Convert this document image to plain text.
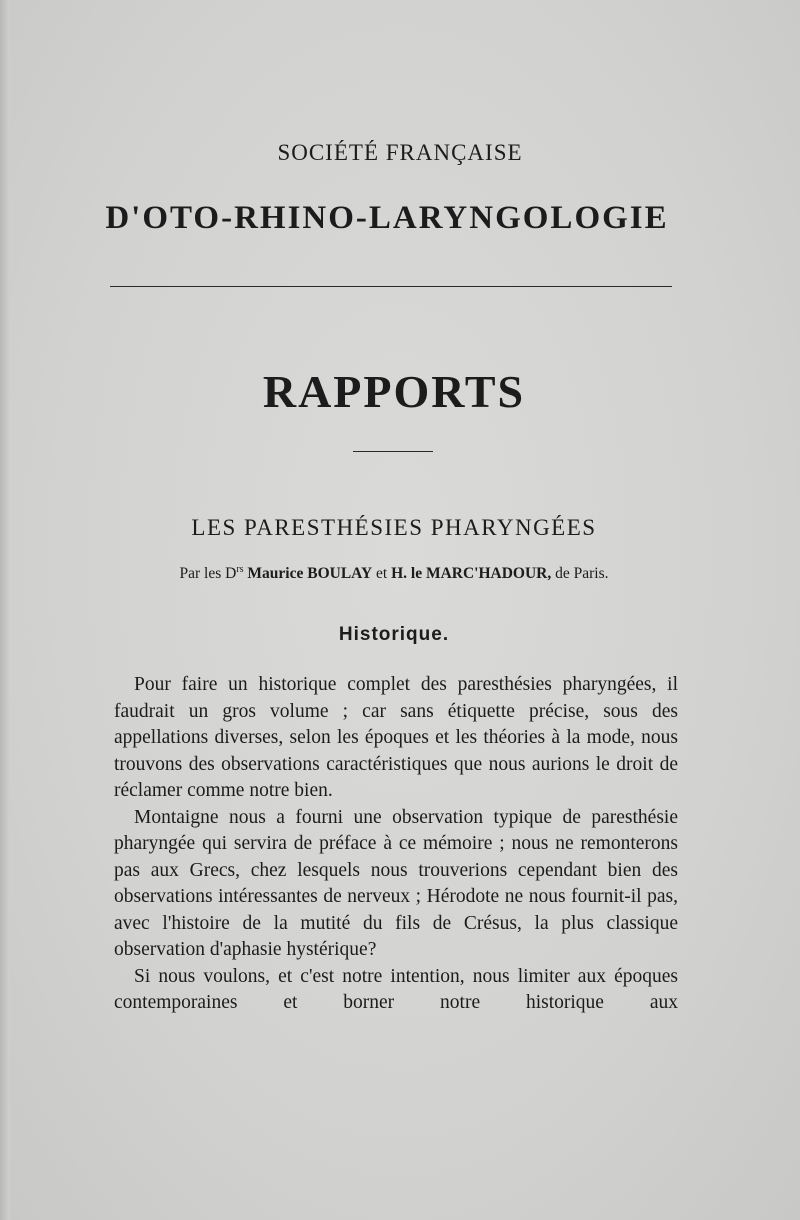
SOCIÉTÉ FRANÇAISE
D'OTO-RHINO-LARYNGOLOGIE
RAPPORTS
LES PARESTHÉSIES PHARYNGÉES
Par les $D^{rs}$ Maurice BOULAY et H. le MARC'HADOUR, de Paris.
Historique.

Pour faire un historique complet des paresthésies pharyngées, il faudrait un gros volume ; car sans étiquette précise, sous des appellations diverses, selon les époques et les théories à la mode, nous trouvons des observations caractéristiques que nous aurions le droit de réclamer comme notre bien.

Montaigne nous a fourni une observation typique de paresthésie pharyngée qui servira de préface à ce mémoire ; nous ne remonterons pas aux Grecs, chez lesquels nous trouverions cependant bien des observations intéressantes de nerveux ; Hérodote ne nous fournit-il pas, avec l'histoire de la mutité du fils de Crésus, la plus classique observation d'aphasie hystérique?

Si nous voulons, et c'est notre intention, nous limiter aux époques contemporaines et borner notre historique aux
